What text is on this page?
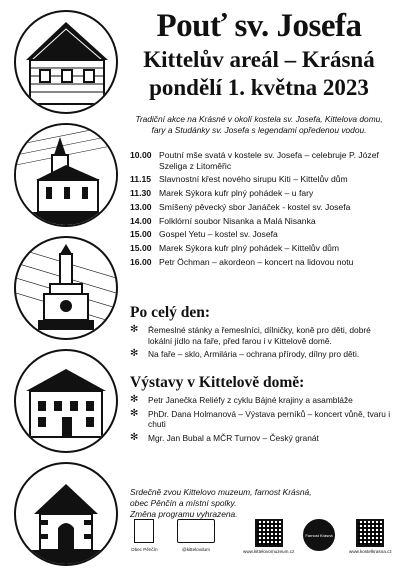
Pouť sv. Josefa
Kittelův areál – Krásná
pondělí 1. května 2023
Tradiční akce na Krásné v okolí kostela sv. Josefa, Kittelova domu, fary a Studánky sv. Josefa s legendami opředenou vodou.
10.00 Poutní mše svatá v kostele sv. Josefa – celebruje P. Józef Szeliga z Litoměřic
11.15 Slavnostní křest nového sirupu Kiti – Kittelův dům
11.30 Marek Sýkora kufr plný pohádek – u fary
13.00 Smíšený pěvecký sbor Janáček - kostel sv. Josefa
14.00 Folklórní soubor Nisanka a Malá Nisanka
15.00 Gospel Yetu – kostel sv. Josefa
15.00 Marek Sýkora kufr plný pohádek – Kittelův dům
16.00 Petr Öchman – akordeon – koncert na lidovou notu
Po celý den:
✻	Řemeslné stánky a řemeslníci, dílničky, koně pro děti, dobré lokální jídlo na faře, před farou i v Kittelově domě.
✻	Na faře – sklo, Armilária – ochrana přírody, dílny pro děti.
Výstavy v Kittelově domě:
✻	Petr Janečka Reliéfy z cyklu Bájné krajiny a asambláže
✻	PhDr. Dana Holmanová – Výstava perníků – koncert vůně, tvaru i chuti
✻	Mgr. Jan Bubal a MČR Turnov – Český granát
Srdečně zvou Kittelovo muzeum, farnost Krásná,
obec Pěnčín a místní spolky.
Změna programu vyhrazena.
Obec Pěnčín	@kittelovdum	www.kittelovomuzeum.cz
Farnost Krásná
www.kostelkrasna.cz
